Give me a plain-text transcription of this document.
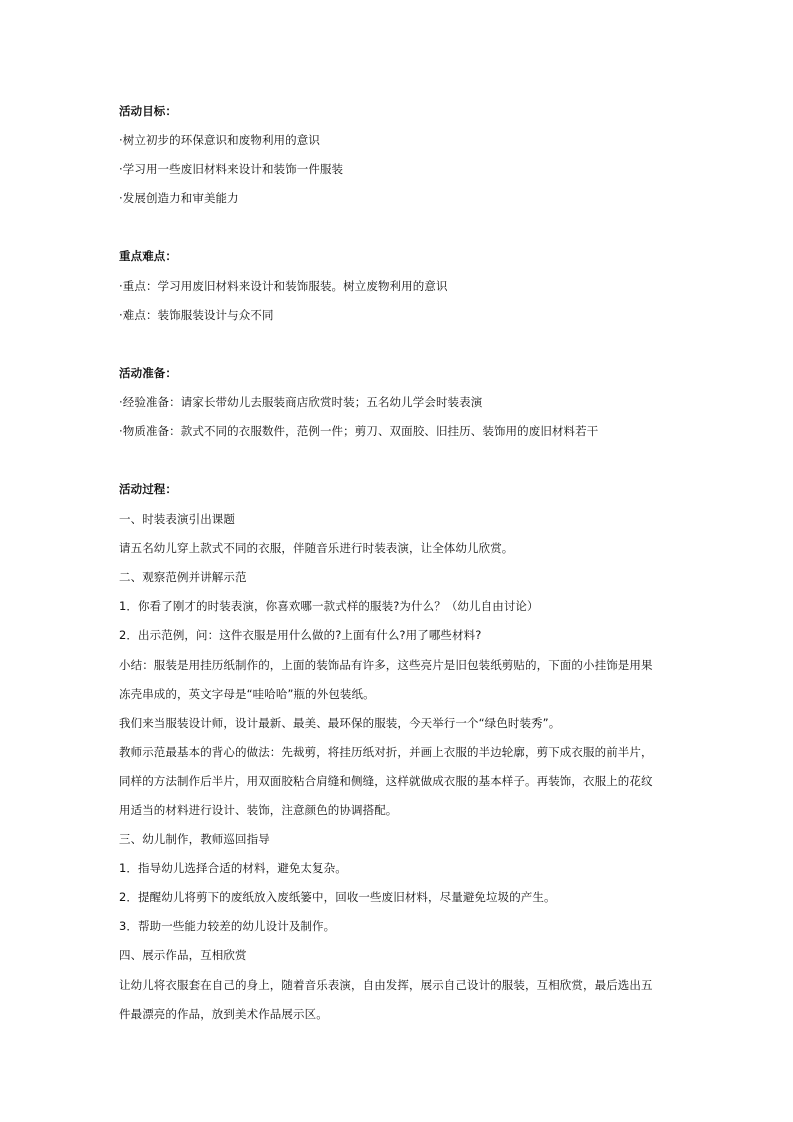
活动目标：
·树立初步的环保意识和废物利用的意识
·学习用一些废旧材料来设计和装饰一件服装
·发展创造力和审美能力
重点难点：
·重点：学习用废旧材料来设计和装饰服装。树立废物利用的意识
·难点：装饰服装设计与众不同
活动准备：
·经验准备：请家长带幼儿去服装商店欣赏时装；五名幼儿学会时装表演
·物质准备：款式不同的衣服数件，范例一件；剪刀、双面胶、旧挂历、装饰用的废旧材料若干
活动过程：
一、时装表演引出课题
请五名幼儿穿上款式不同的衣服，伴随音乐进行时装表演，让全体幼儿欣赏。
二、观察范例并讲解示范
1．你看了刚才的时装表演，你喜欢哪一款式样的服装?为什么？（幼儿自由讨论）
2．出示范例，问：这件衣服是用什么做的?上面有什么?用了哪些材料?
小结：服装是用挂历纸制作的，上面的装饰品有许多，这些亮片是旧包装纸剪贴的，下面的小挂饰是用果
冻壳串成的，英文字母是“哇哈哈”瓶的外包装纸。
我们来当服装设计师，设计最新、最美、最环保的服装，今天举行一个“绿色时装秀”。
教师示范最基本的背心的做法：先裁剪，将挂历纸对折，并画上衣服的半边轮廓，剪下成衣服的前半片，
同样的方法制作后半片，用双面胶粘合肩缝和侧缝，这样就做成衣服的基本样子。再装饰，衣服上的花纹
用适当的材料进行设计、装饰，注意颜色的协调搭配。
三、幼儿制作，教师巡回指导
1．指导幼儿选择合适的材料，避免太复杂。
2．提醒幼儿将剪下的废纸放入废纸篓中，回收一些废旧材料，尽量避免垃圾的产生。
3．帮助一些能力较差的幼儿设计及制作。
四、展示作品，互相欣赏
让幼儿将衣服套在自己的身上，随着音乐表演，自由发挥，展示自己设计的服装，互相欣赏，最后选出五
件最漂亮的作品，放到美术作品展示区。
